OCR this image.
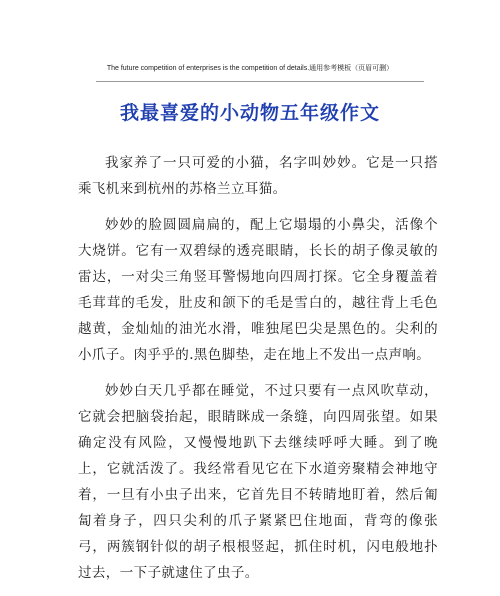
The future competition of enterprises is the competition of details.通用参考模板（页眉可删）
我最喜爱的小动物五年级作文

我家养了一只可爱的小猫，名字叫妙妙。它是一只搭乘飞机来到杭州的苏格兰立耳猫。

妙妙的脸圆圆扁扁的，配上它塌塌的小鼻尖，活像个大烧饼。它有一双碧绿的透亮眼睛，长长的胡子像灵敏的雷达，一对尖三角竖耳警惕地向四周打探。它全身覆盖着毛茸茸的毛发，肚皮和颌下的毛是雪白的，越往背上毛色越黄，金灿灿的油光水滑，唯独尾巴尖是黑色的。尖利的小爪子。肉乎乎的.黑色脚垫，走在地上不发出一点声响。

妙妙白天几乎都在睡觉，不过只要有一点风吹草动，它就会把脑袋抬起，眼睛眯成一条缝，向四周张望。如果确定没有风险，又慢慢地趴下去继续呼呼大睡。到了晚上，它就活泼了。我经常看见它在下水道旁聚精会神地守着，一旦有小虫子出来，它首先目不转睛地盯着，然后匍匐着身子，四只尖利的爪子紧紧巴住地面，背弯的像张弓，两簇钢针似的胡子根根竖起，抓住时机，闪电般地扑过去，一下子就逮住了虫子。
